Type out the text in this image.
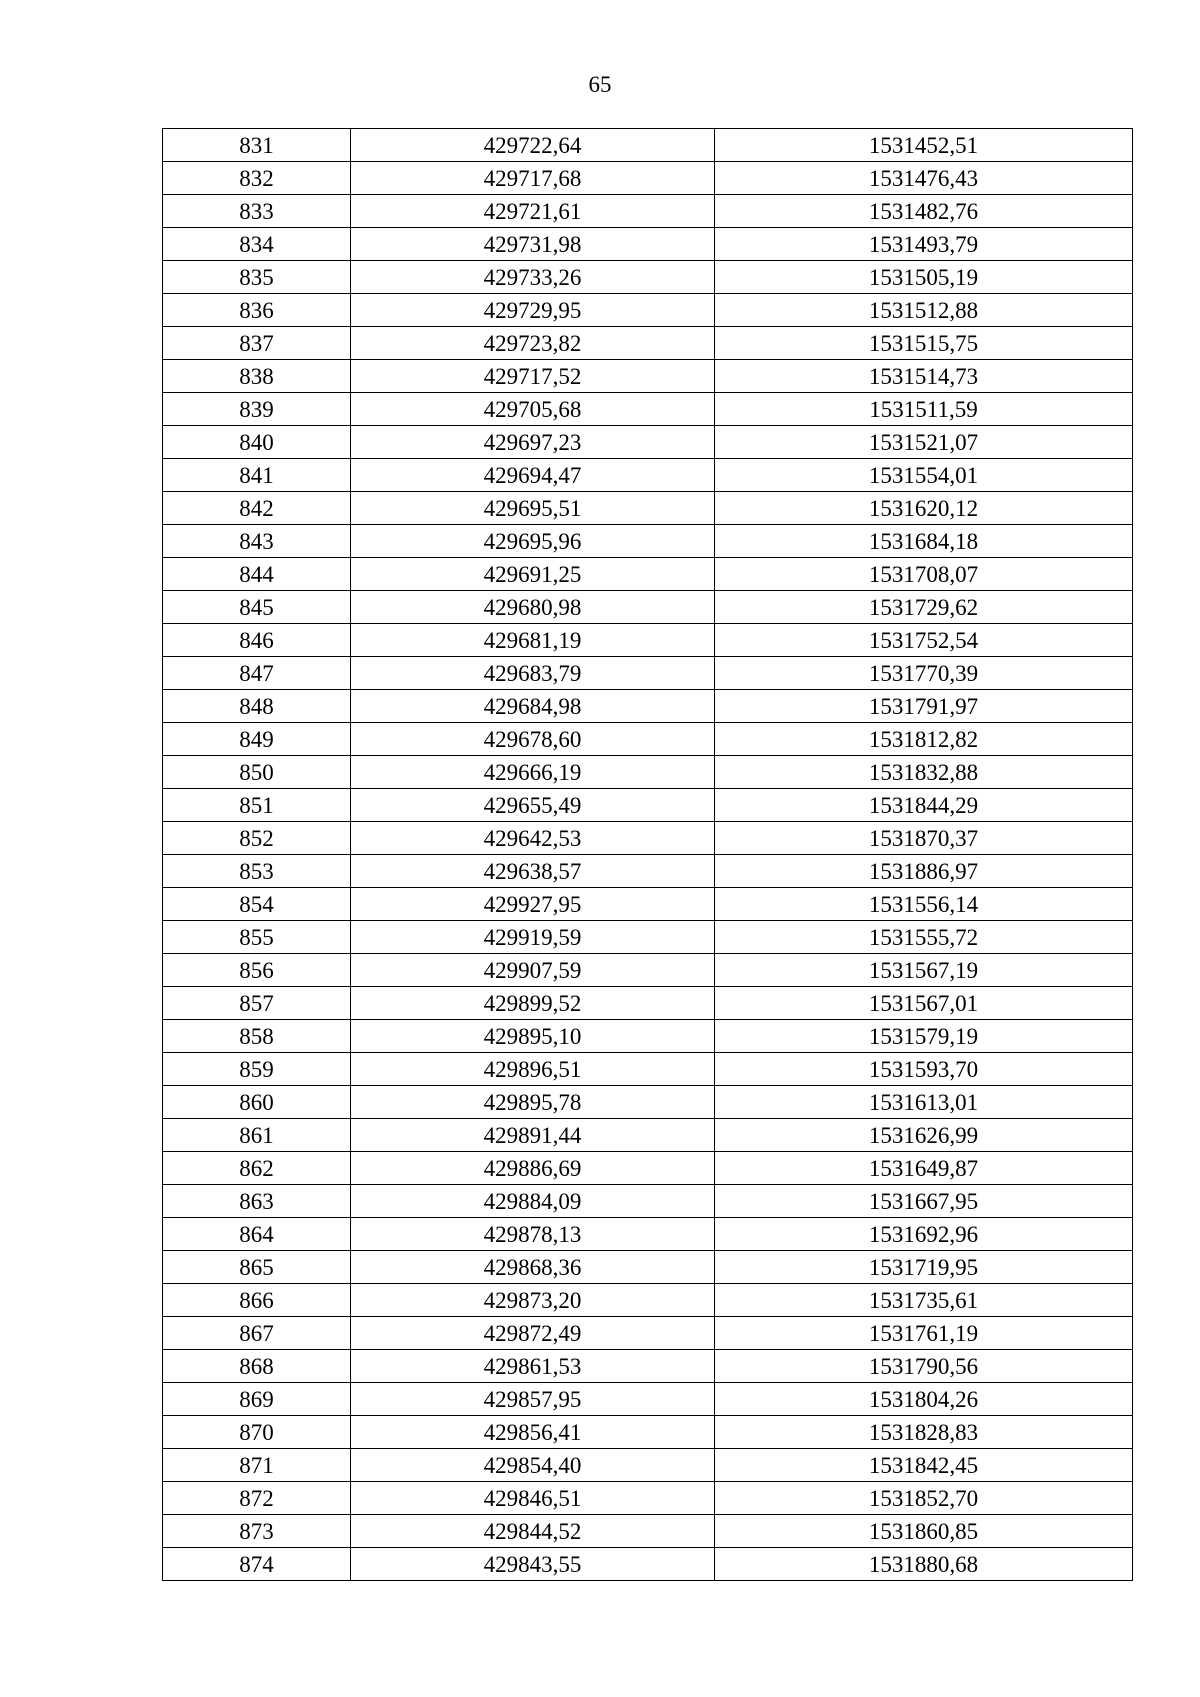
65
831	429722,64	1531452,51
832	429717,68	1531476,43
833	429721,61	1531482,76
834	429731,98	1531493,79
835	429733,26	1531505,19
836	429729,95	1531512,88
837	429723,82	1531515,75
838	429717,52	1531514,73
839	429705,68	1531511,59
840	429697,23	1531521,07
841	429694,47	1531554,01
842	429695,51	1531620,12
843	429695,96	1531684,18
844	429691,25	1531708,07
845	429680,98	1531729,62
846	429681,19	1531752,54
847	429683,79	1531770,39
848	429684,98	1531791,97
849	429678,60	1531812,82
850	429666,19	1531832,88
851	429655,49	1531844,29
852	429642,53	1531870,37
853	429638,57	1531886,97
854	429927,95	1531556,14
855	429919,59	1531555,72
856	429907,59	1531567,19
857	429899,52	1531567,01
858	429895,10	1531579,19
859	429896,51	1531593,70
860	429895,78	1531613,01
861	429891,44	1531626,99
862	429886,69	1531649,87
863	429884,09	1531667,95
864	429878,13	1531692,96
865	429868,36	1531719,95
866	429873,20	1531735,61
867	429872,49	1531761,19
868	429861,53	1531790,56
869	429857,95	1531804,26
870	429856,41	1531828,83
871	429854,40	1531842,45
872	429846,51	1531852,70
873	429844,52	1531860,85
874	429843,55	1531880,68
